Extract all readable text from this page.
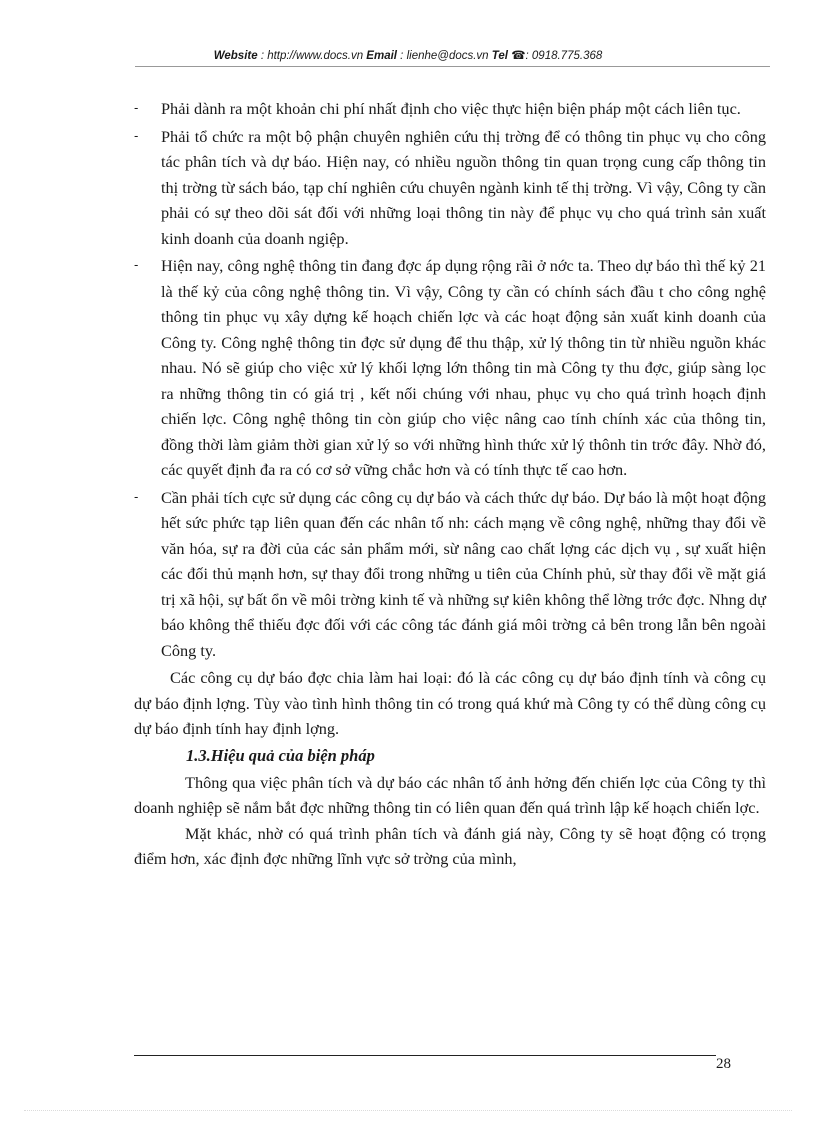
Website : http://www.docs.vn Email : lienhe@docs.vn Tel ☎: 0918.775.368
- Phải dành ra một khoản chi phí nhất định cho việc thực hiện biện pháp một cách liên tục.
- Phải tổ chức ra một bộ phận chuyên nghiên cứu thị trờng để có thông tin phục vụ cho công tác phân tích và dự báo. Hiện nay, có nhiều nguồn thông tin quan trọng cung cấp thông tin thị trờng từ sách báo, tạp chí nghiên cứu chuyên ngành kinh tế thị trờng. Vì vậy, Công ty cần phải có sự theo dõi sát đối với những loại thông tin này để phục vụ cho quá trình sản xuất kinh doanh của doanh ngiệp.
- Hiện nay, công nghệ thông tin đang đợc áp dụng rộng rãi ở nớc ta. Theo dự báo thì thế kỷ 21 là thế kỷ của công nghệ thông tin. Vì vậy, Công ty cần có chính sách đầu t cho công nghệ thông tin phục vụ xây dựng kế hoạch chiến lợc và các hoạt động sản xuất kinh doanh của Công ty. Công nghệ thông tin đợc sử dụng để thu thập, xử lý thông tin từ nhiều nguồn khác nhau. Nó sẽ giúp cho việc xử lý khối lợng lớn thông tin mà Công ty thu đợc, giúp sàng lọc ra những thông tin có giá trị , kết nối chúng với nhau, phục vụ cho quá trình hoạch định chiến lợc. Công nghệ thông tin còn giúp cho việc nâng cao tính chính xác của thông tin, đồng thời làm giảm thời gian xử lý so với những hình thức xử lý thônh tin trớc đây. Nhờ đó, các quyết định đa ra có cơ sở vững chắc hơn và có tính thực tế cao hơn.
- Cần phải tích cực sử dụng các công cụ dự báo và cách thức dự báo. Dự báo là một hoạt động hết sức phức tạp liên quan đến các nhân tố nh: cách mạng về công nghệ, những thay đổi về văn hóa, sự ra đời của các sản phẩm mới, sừ nâng cao chất lợng các dịch vụ , sự xuất hiện các đối thủ mạnh hơn, sự thay đổi trong những u tiên của Chính phủ, sừ thay đổi về mặt giá trị xã hội, sự bất ổn về môi trờng kinh tế và những sự kiên không thể lờng trớc đợc. Nhng dự báo không thể thiếu đợc đối với các công tác đánh giá môi trờng cả bên trong lẫn bên ngoài Công ty.

Các công cụ dự báo đợc chia làm hai loại: đó là các công cụ dự báo định tính và công cụ dự báo định lợng. Tùy vào tình hình thông tin có trong quá khứ mà Công ty có thể dùng công cụ dự báo định tính hay định lợng.

1.3.Hiệu quả của biện pháp

Thông qua việc phân tích và dự báo các nhân tố ảnh hởng đến chiến lợc của Công ty thì doanh nghiệp sẽ nắm bắt đợc những thông tin có liên quan đến quá trình lập kế hoạch chiến lợc.

Mặt khác, nhờ có quá trình phân tích và đánh giá này, Công ty sẽ hoạt động có trọng điểm hơn, xác định đợc những lĩnh vực sở trờng của mình,

28
